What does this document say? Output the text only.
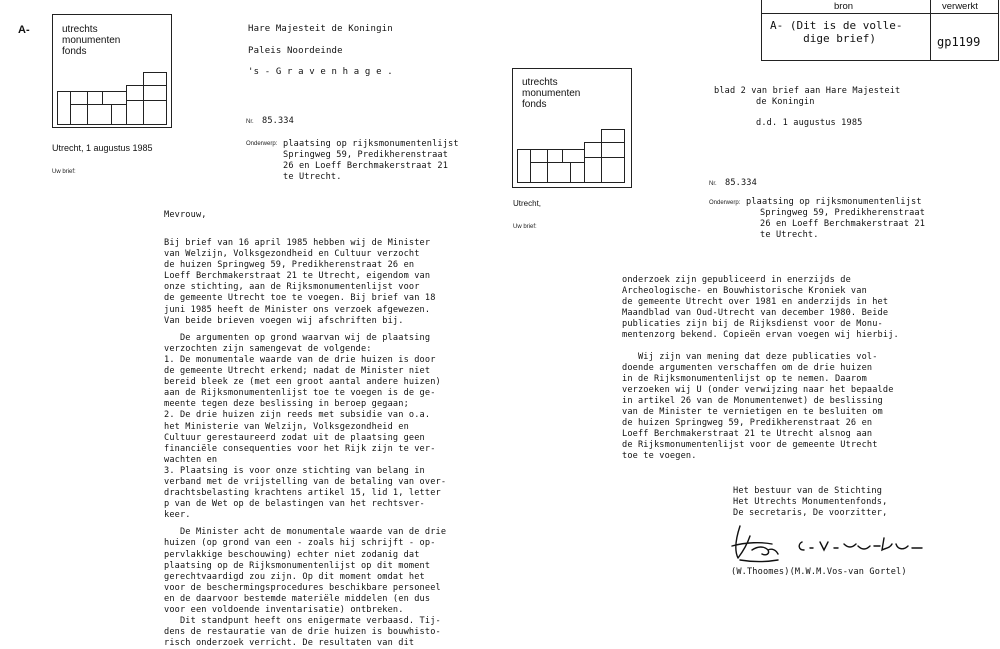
A-	utrechts
monumenten
fonds
Hare Majesteit de Koningin
Paleis Noordeinde
's - G r a v e n h a g e .
Utrecht, 1 augustus 1985
Uw brief:
Nr. 85.334
Onderwerp: plaatsing op rijksmonumentenlijst
Springweg 59, Predikherenstraat
26 en Loeff Berchmakerstraat 21
te Utrecht.
Mevrouw,
Bij brief van 16 april 1985 hebben wij de Minister
van Welzijn, Volksgezondheid en Cultuur verzocht
de huizen Springweg 59, Predikherenstraat 26 en
Loeff Berchmakerstraat 21 te Utrecht, eigendom van
onze stichting, aan de Rijksmonumentenlijst voor
de gemeente Utrecht toe te voegen. Bij brief van 18
juni 1985 heeft de Minister ons verzoek afgewezen.
Van beide brieven voegen wij afschriften bij.
De argumenten op grond waarvan wij de plaatsing
verzochten zijn samengevat de volgende:
1. De monumentale waarde van de drie huizen is door
de gemeente Utrecht erkend; nadat de Minister niet
bereid bleek ze (met een groot aantal andere huizen)
aan de Rijksmonumentenlijst toe te voegen is de ge-
meente tegen deze beslissing in beroep gegaan;
2. De drie huizen zijn reeds met subsidie van o.a.
het Ministerie van Welzijn, Volksgezondheid en
Cultuur gerestaureerd zodat uit de plaatsing geen
financiële consequenties voor het Rijk zijn te ver-
wachten en
3. Plaatsing is voor onze stichting van belang in
verband met de vrijstelling van de betaling van over-
drachtsbelasting krachtens artikel 15, lid 1, letter
p van de Wet op de belastingen van het rechtsver-
keer.
De Minister acht de monumentale waarde van de drie
huizen (op grond van een - zoals hij schrijft - op-
pervlakkige beschouwing) echter niet zodanig dat
plaatsing op de Rijksmonumentenlijst op dit moment
gerechtvaardigd zou zijn. Op dit moment omdat het
voor de beschermingsprocedures beschikbare personeel
en de daarvoor bestemde materiële middelen (en dus
voor een voldoende inventarisatie) ontbreken.
Dit standpunt heeft ons enigermate verbaasd. Tij-
dens de restauratie van de drie huizen is bouwhisto-
risch onderzoek verricht. De resultaten van dit
bron	verwerkt
A- (Dit is de volle-
dige brief)	gp1199
utrechts
monumenten
fonds
blad 2 van brief aan Hare Majesteit
de Koningin
d.d. 1 augustus 1985
Utrecht,
Uw brief:
Nr. 85.334
Onderwerp: plaatsing op rijksmonumentenlijst
Springweg 59, Predikherenstraat
26 en Loeff Berchmakerstraat 21
te Utrecht.
onderzoek zijn gepubliceerd in enerzijds de
Archeologische- en Bouwhistorische Kroniek van
de gemeente Utrecht over 1981 en anderzijds in het
Maandblad van Oud-Utrecht van december 1980. Beide
publicaties zijn bij de Rijksdienst voor de Monu-
mentenzorg bekend. Copieën ervan voegen wij hierbij.
Wij zijn van mening dat deze publicaties vol-
doende argumenten verschaffen om de drie huizen
in de Rijksmonumentenlijst op te nemen. Daarom
verzoeken wij U (onder verwijzing naar het bepaalde
in artikel 26 van de Monumentenwet) de beslissing
van de Minister te vernietigen en te besluiten om
de huizen Springweg 59, Predikherenstraat 26 en
Loeff Berchmakerstraat 21 te Utrecht alsnog aan
de Rijksmonumentenlijst voor de gemeente Utrecht
toe te voegen.
Het bestuur van de Stichting
Het Utrechts Monumentenfonds,
De secretaris, De voorzitter,
(W.Thoomes)(M.W.M.Vos-van Gortel)
